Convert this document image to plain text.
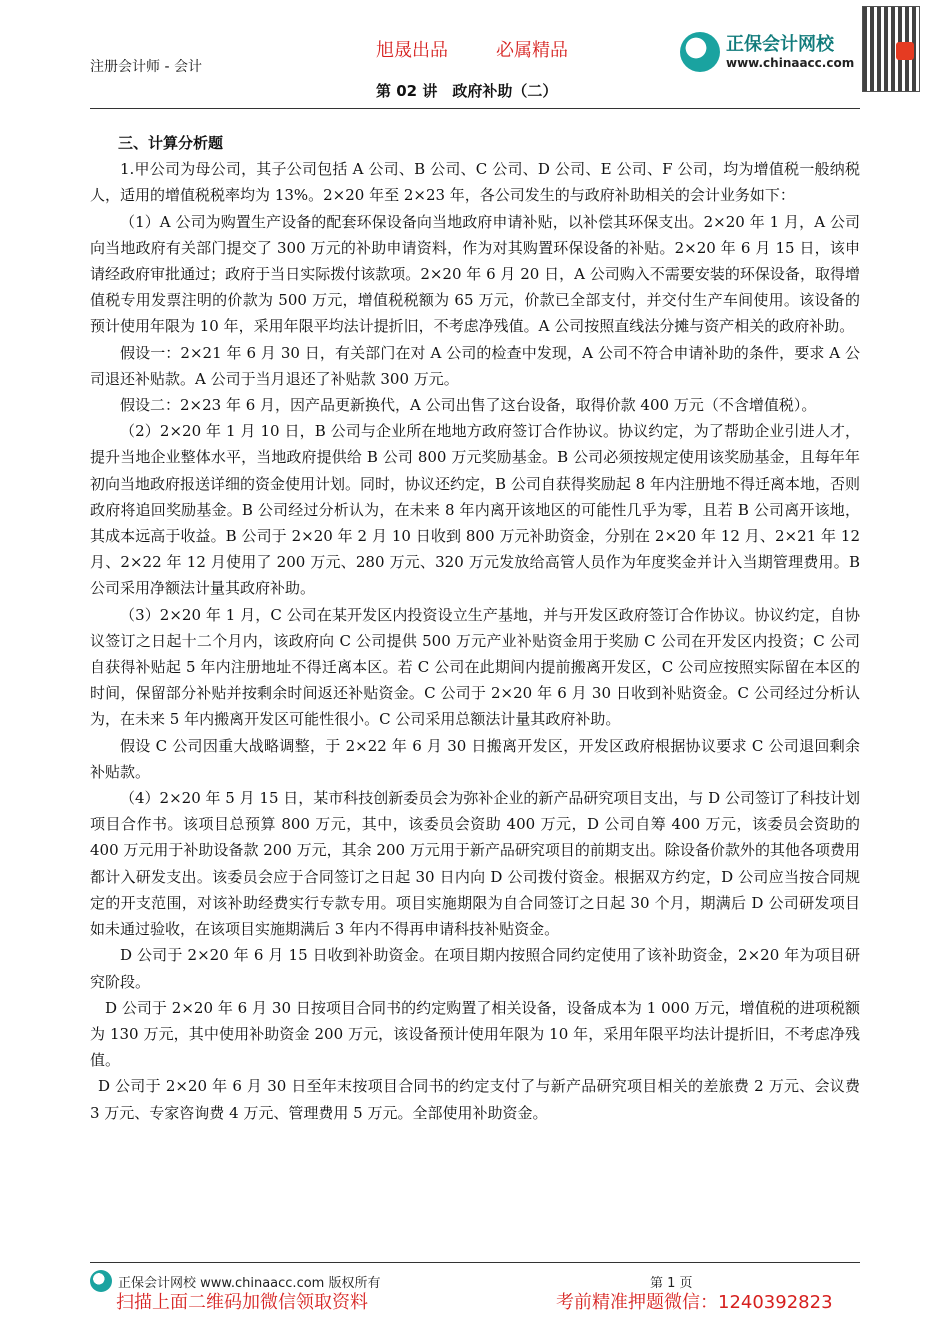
注册会计师 - 会计
旭晟出品	必属精品
第 02 讲　政府补助（二）
正保会计网校
www.chinaacc.com
三、计算分析题

1.甲公司为母公司，其子公司包括 A 公司、B 公司、C 公司、D 公司、E 公司、F 公司，均为增值税一般纳税人，适用的增值税税率均为 13%。2×20 年至 2×23 年，各公司发生的与政府补助相关的会计业务如下：

（1）A 公司为购置生产设备的配套环保设备向当地政府申请补贴，以补偿其环保支出。2×20 年 1 月，A 公司向当地政府有关部门提交了 300 万元的补助申请资料，作为对其购置环保设备的补贴。2×20 年 6 月 15 日，该申请经政府审批通过；政府于当日实际拨付该款项。2×20 年 6 月 20 日，A 公司购入不需要安装的环保设备，取得增值税专用发票注明的价款为 500 万元，增值税税额为 65 万元，价款已全部支付，并交付生产车间使用。该设备的预计使用年限为 10 年，采用年限平均法计提折旧，不考虑净残值。A 公司按照直线法分摊与资产相关的政府补助。

假设一：2×21 年 6 月 30 日，有关部门在对 A 公司的检查中发现，A 公司不符合申请补助的条件，要求 A 公司退还补贴款。A 公司于当月退还了补贴款 300 万元。

假设二：2×23 年 6 月，因产品更新换代，A 公司出售了这台设备，取得价款 400 万元（不含增值税）。

（2）2×20 年 1 月 10 日，B 公司与企业所在地地方政府签订合作协议。协议约定，为了帮助企业引进人才，提升当地企业整体水平，当地政府提供给 B 公司 800 万元奖励基金。B 公司必须按规定使用该奖励基金，且每年年初向当地政府报送详细的资金使用计划。同时，协议还约定，B 公司自获得奖励起 8 年内注册地不得迁离本地，否则政府将追回奖励基金。B 公司经过分析认为，在未来 8 年内离开该地区的可能性几乎为零，且若 B 公司离开该地，其成本远高于收益。B 公司于 2×20 年 2 月 10 日收到 800 万元补助资金，分别在 2×20 年 12 月、2×21 年 12 月、2×22 年 12 月使用了 200 万元、280 万元、320 万元发放给高管人员作为年度奖金并计入当期管理费用。B 公司采用净额法计量其政府补助。

（3）2×20 年 1 月，C 公司在某开发区内投资设立生产基地，并与开发区政府签订合作协议。协议约定，自协议签订之日起十二个月内，该政府向 C 公司提供 500 万元产业补贴资金用于奖励 C 公司在开发区内投资；C 公司自获得补贴起 5 年内注册地址不得迁离本区。若 C 公司在此期间内提前搬离开发区，C 公司应按照实际留在本区的时间，保留部分补贴并按剩余时间返还补贴资金。C 公司于 2×20 年 6 月 30 日收到补贴资金。C 公司经过分析认为，在未来 5 年内搬离开发区可能性很小。C 公司采用总额法计量其政府补助。

假设 C 公司因重大战略调整，于 2×22 年 6 月 30 日搬离开发区，开发区政府根据协议要求 C 公司退回剩余补贴款。

（4）2×20 年 5 月 15 日，某市科技创新委员会为弥补企业的新产品研究项目支出，与 D 公司签订了科技计划项目合作书。该项目总预算 800 万元，其中，该委员会资助 400 万元，D 公司自筹 400 万元，该委员会资助的 400 万元用于补助设备款 200 万元，其余 200 万元用于新产品研究项目的前期支出。除设备价款外的其他各项费用都计入研发支出。该委员会应于合同签订之日起 30 日内向 D 公司拨付资金。根据双方约定，D 公司应当按合同规定的开支范围，对该补助经费实行专款专用。项目实施期限为自合同签订之日起 30 个月，期满后 D 公司研发项目如未通过验收，在该项目实施期满后 3 年内不得再申请科技补贴资金。

D 公司于 2×20 年 6 月 15 日收到补助资金。在项目期内按照合同约定使用了该补助资金，2×20 年为项目研究阶段。

D 公司于 2×20 年 6 月 30 日按项目合同书的约定购置了相关设备，设备成本为 1 000 万元，增值税的进项税额为 130 万元，其中使用补助资金 200 万元，该设备预计使用年限为 10 年，采用年限平均法计提折旧，不考虑净残值。

D 公司于 2×20 年 6 月 30 日至年末按项目合同书的约定支付了与新产品研究项目相关的差旅费 2 万元、会议费 3 万元、专家咨询费 4 万元、管理费用 5 万元。全部使用补助资金。

正保会计网校 www.chinaacc.com 版权所有	第 1 页
扫描上面二维码加微信领取资料	考前精准押题微信：1240392823
